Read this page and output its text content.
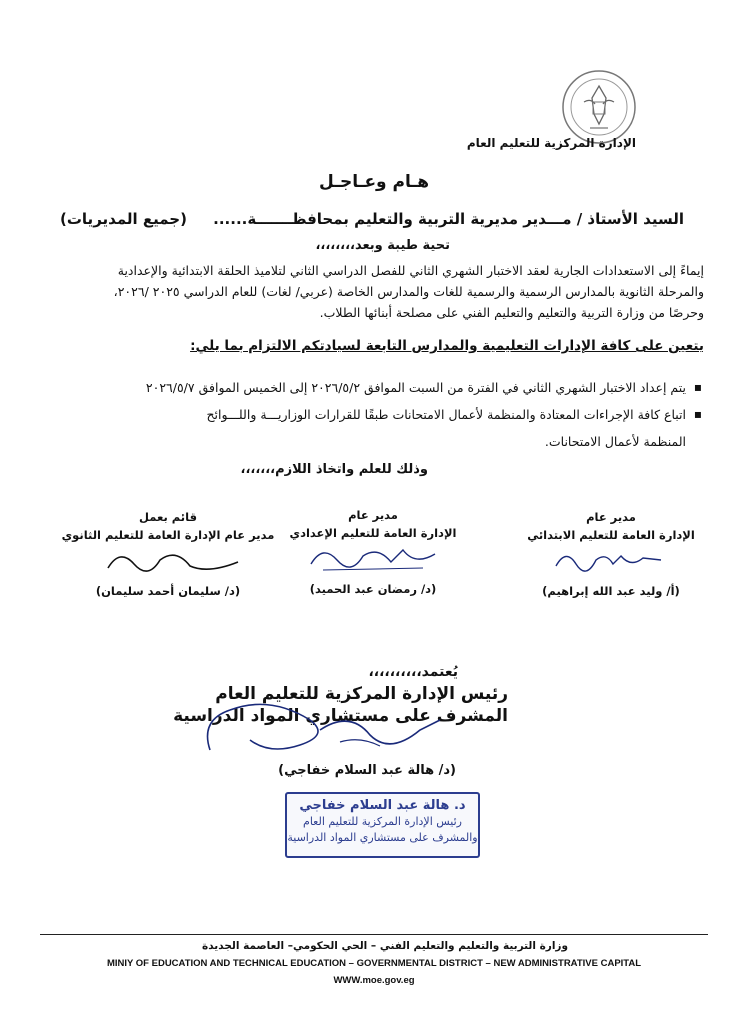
الإدارة المركزية للتعليم العام
هـام وعـاجـل
السيد الأستاذ / مـــدير مديرية التربية والتعليم بمحافظـــــــة......
(جميع المديريات)
تحية طيبة وبعد،،،،،،،،

إيماءً إلى الاستعدادات الجارية لعقد الاختبار الشهري الثاني للفصل الدراسي الثاني لتلاميذ الحلقة الابتدائية والإعدادية

والمرحلة الثانوية بالمدارس الرسمية والرسمية للغات والمدارس الخاصة (عربي/ لغات) للعام الدراسي ٢٠٢٥ /٢٠٢٦،

وحرصًا من وزارة التربية والتعليم والتعليم الفني على مصلحة أبنائها الطلاب.

يتعين على كافة الإدارات التعليمية والمدارس التابعة لسيادتكم الالتزام بما يلي:
▪ يتم إعداد الاختبار الشهري الثاني في الفترة من السبت الموافق ٢٠٢٦/٥/٢ إلى الخميس الموافق ٢٠٢٦/٥/٧
▪ اتباع كافة الإجراءات المعتادة والمنظمة لأعمال الامتحانات طبقًا للقرارات الوزاريـــة واللـــوائح
المنظمة لأعمال الامتحانات.
وذلك للعلم واتخاذ اللازم،،،،،،،
مدير عام
الإدارة العامة للتعليم الابتدائي
(أ/ وليد عبد الله إبراهيم)
مدير عام
الإدارة العامة للتعليم الإعدادي
(د/ رمضان عبد الحميد)
قائم بعمل
مدير عام الإدارة العامة للتعليم الثانوي
(د/ سليمان أحمد سليمان)
يُعتمد،،،،،،،،،،
رئيس الإدارة المركزية للتعليم العام
المشرف على مستشاري المواد الدراسية
(د/ هالة عبد السلام خفاجي)
د. هالة عبد السلام خفاجي
رئيس الإدارة المركزية للتعليم العام
والمشرف على مستشاري المواد الدراسية
وزارة التربية والتعليم والتعليم الفني – الحي الحكومي– العاصمة الجديدة
MINIY OF EDUCATION AND TECHNICAL EDUCATION – GOVERNMENTAL DISTRICT – NEW ADMINISTRATIVE CAPITAL
WWW.moe.gov.eg
